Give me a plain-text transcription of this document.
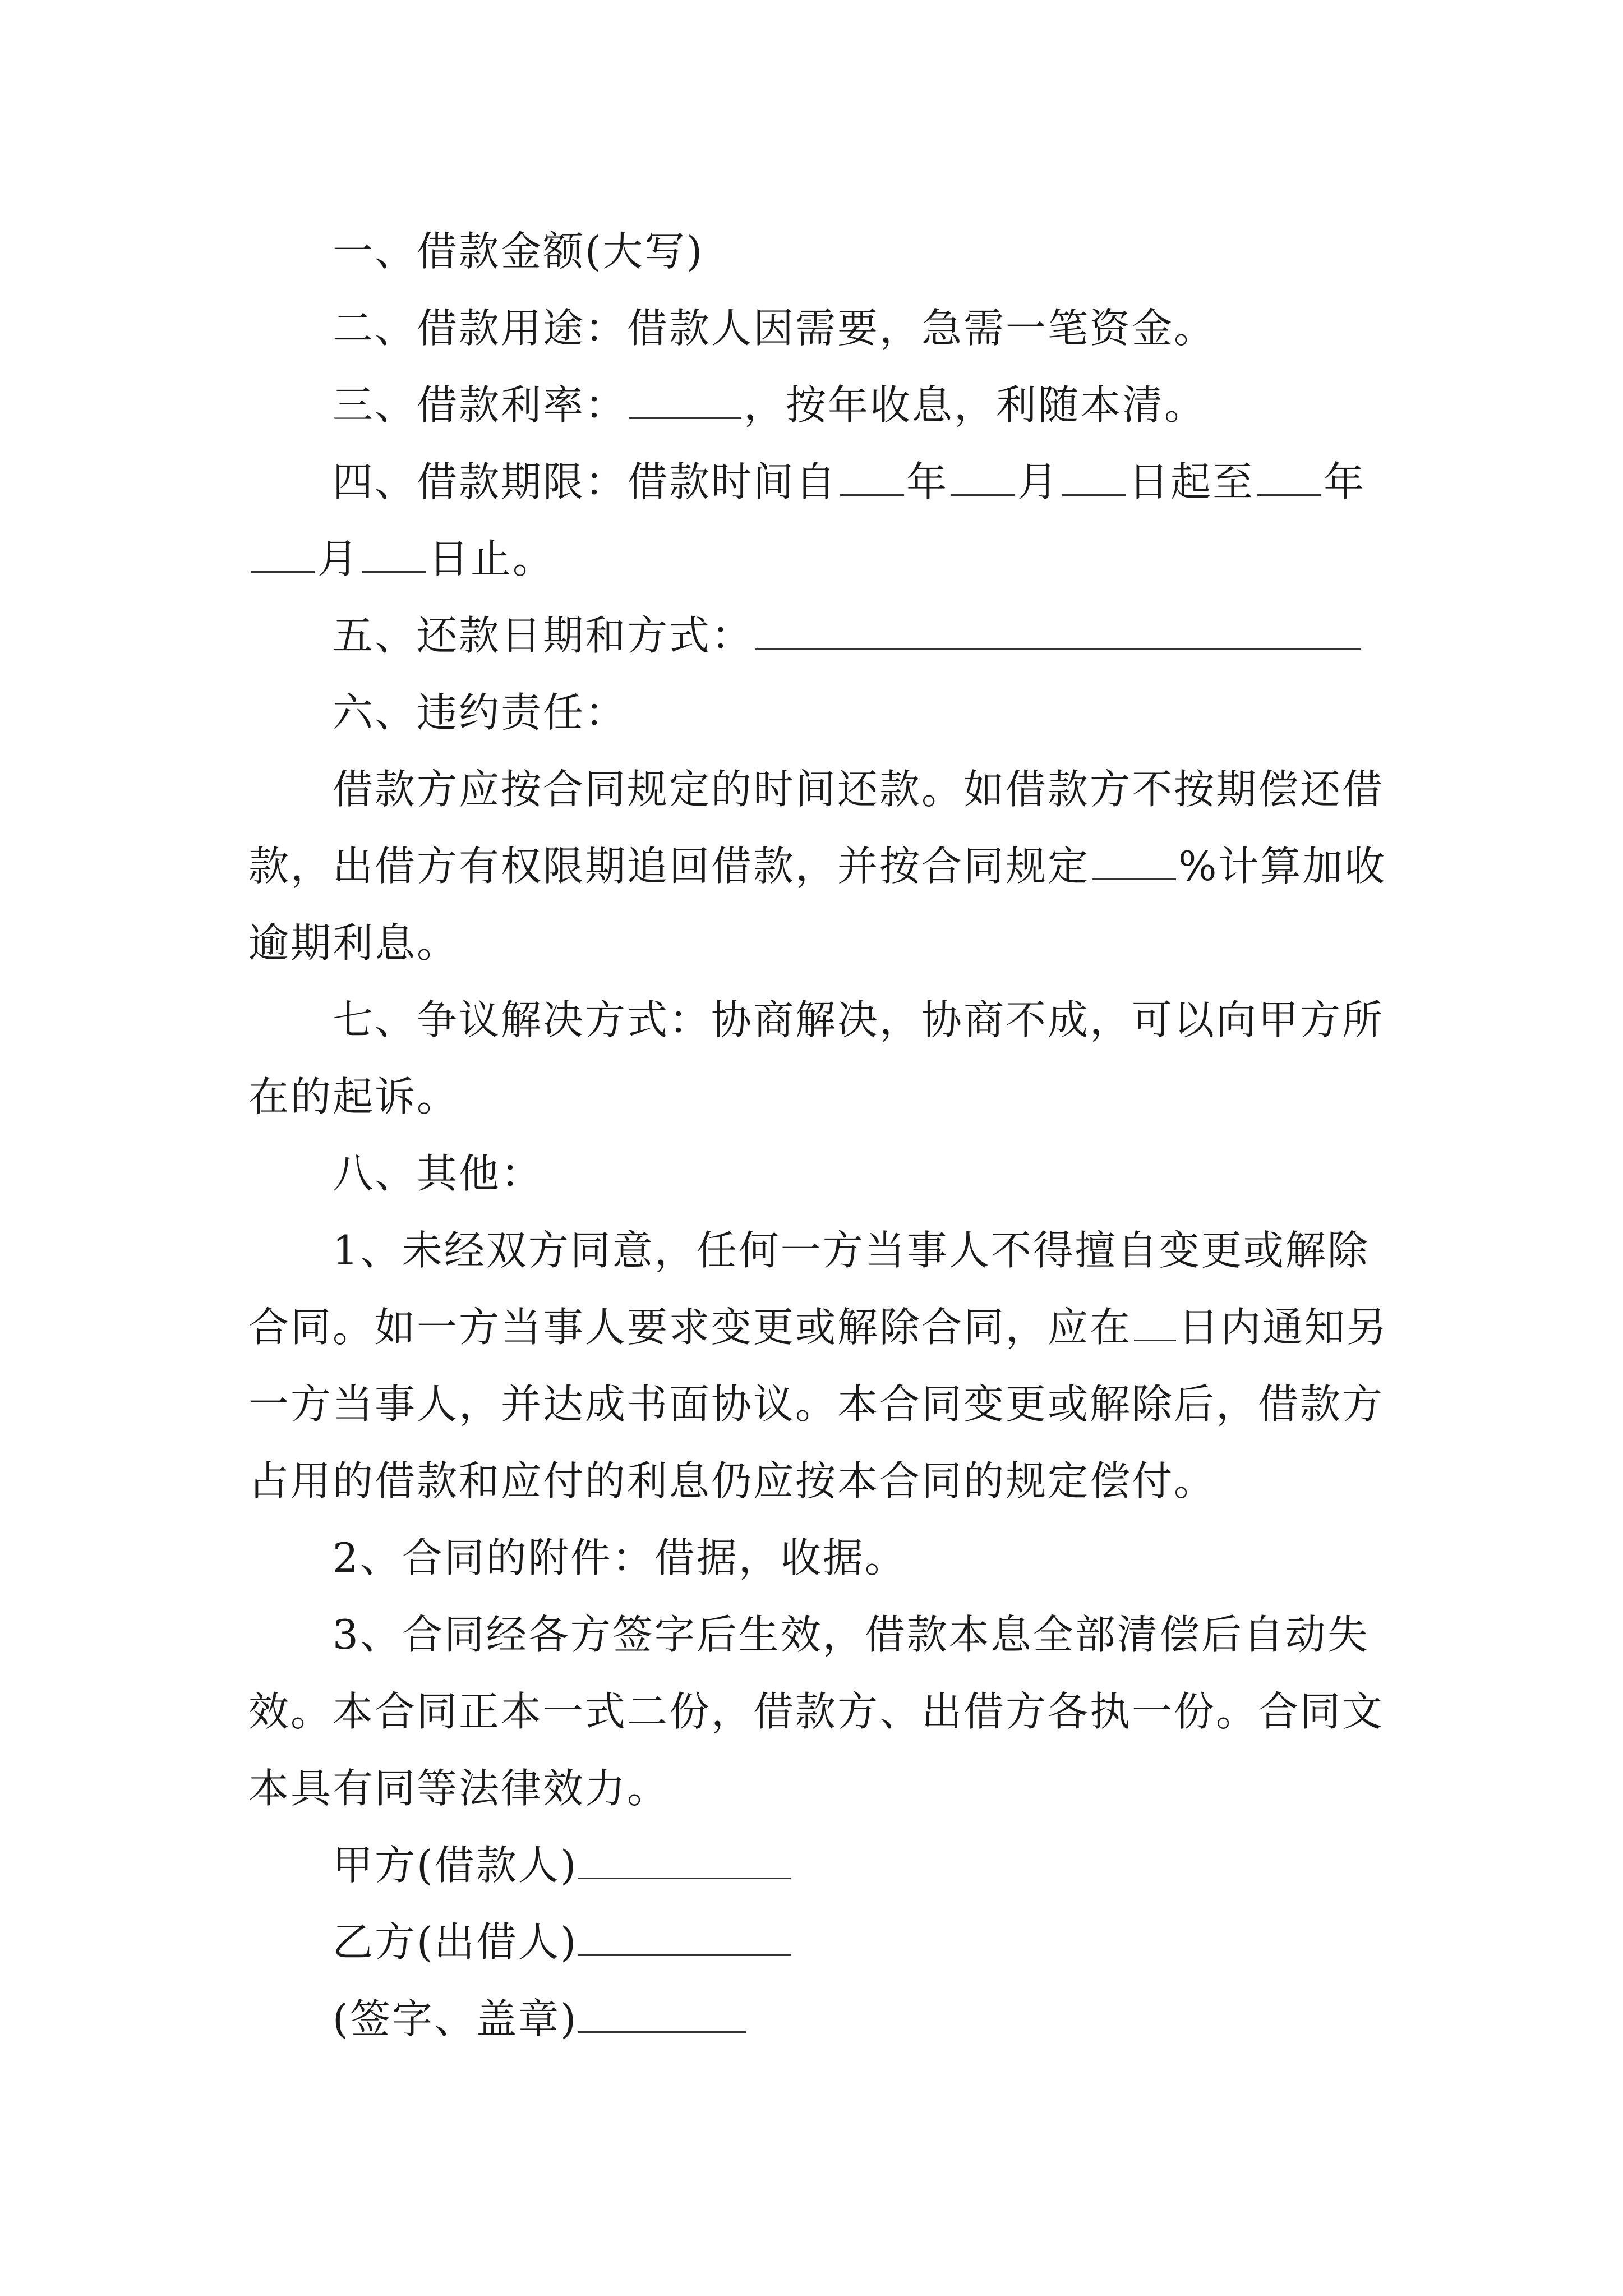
一、借款金额(大写)

二、借款用途：借款人因需要，急需一笔资金。

三、借款利率：	，按年收息，利随本清。

四、借款期限：借款时间自 年 月 日起至 年月 日止。

五、还款日期和方式：

六、违约责任：

借款方应按合同规定的时间还款。如借款方不按期偿还借款，出借方有权限期追回借款，并按合同规定 %计算加收逾期利息。

七、争议解决方式：协商解决，协商不成，可以向甲方所在的起诉。

八、其他：

1、未经双方同意，任何一方当事人不得擅自变更或解除合同。如一方当事人要求变更或解除合同，应在 日内通知另一方当事人，并达成书面协议。本合同变更或解除后，借款方占用的借款和应付的利息仍应按本合同的规定偿付。

2、合同的附件：借据，收据。

3、合同经各方签字后生效，借款本息全部清偿后自动失效。本合同正本一式二份，借款方、出借方各执一份。合同文本具有同等法律效力。

甲方(借款人)

乙方(出借人)

(签字、盖章)
